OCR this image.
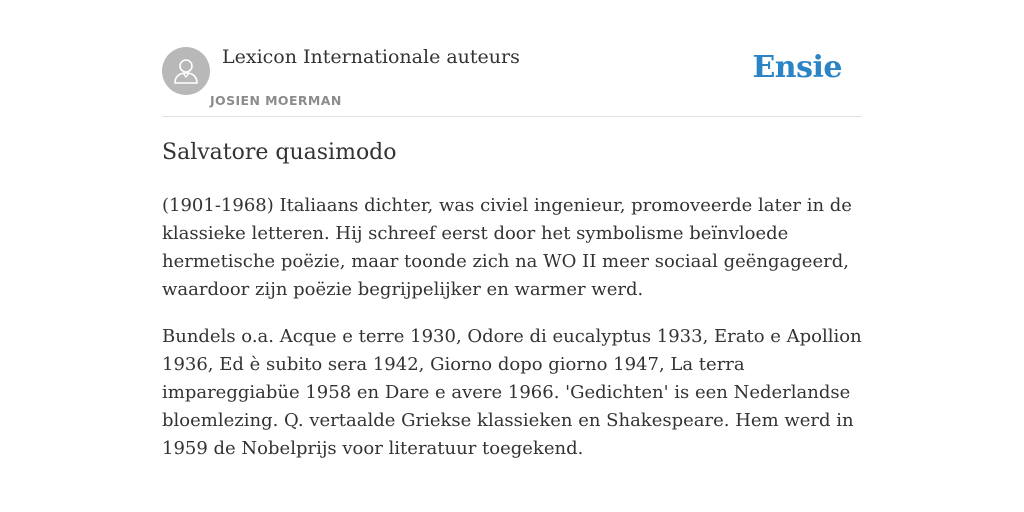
Lexicon Internationale auteurs
JOSIEN MOERMAN
Ensie
Salvatore quasimodo

(1901-1968) Italiaans dichter, was civiel ingenieur, promoveerde later in de klassieke letteren. Hij schreef eerst door het symbolisme beïnvloede hermetische poëzie, maar toonde zich na WO II meer sociaal geëngageerd, waardoor zijn poëzie begrijpelijker en warmer werd.

Bundels o.a. Acque e terre 1930, Odore di eucalyptus 1933, Erato e Apollion 1936, Ed è subito sera 1942, Giorno dopo giorno 1947, La terra impareggiabüe 1958 en Dare e avere 1966. 'Gedichten' is een Nederlandse bloemlezing. Q. vertaalde Griekse klassieken en Shakespeare. Hem werd in 1959 de Nobelprijs voor literatuur toegekend.
